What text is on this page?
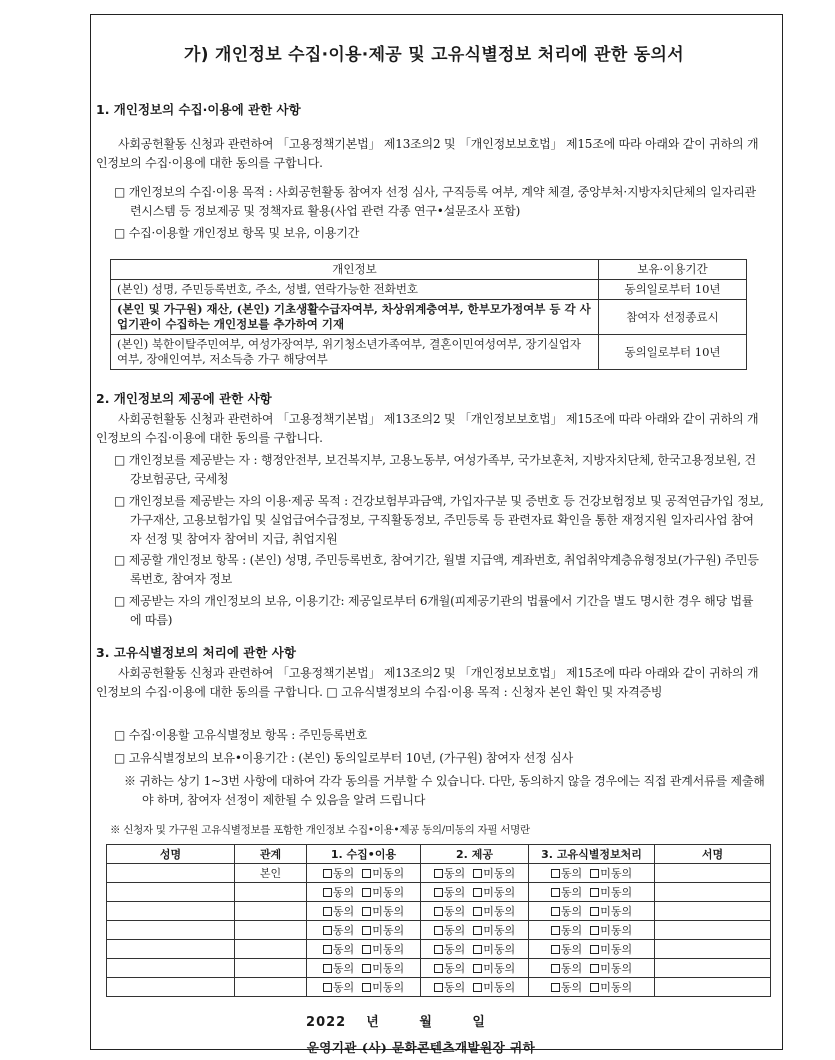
가) 개인정보 수집·이용·제공 및 고유식별정보 처리에 관한 동의서
1. 개인정보의 수집·이용에 관한 사항
사회공헌활동 신청과 관련하여 「고용정책기본법」 제13조의2 및 「개인정보보호법」 제15조에 따라 아래와 같이 귀하의 개인정보의 수집·이용에 대한 동의를 구합니다.
□ 개인정보의 수집·이용 목적 : 사회공헌활동 참여자 선정 심사, 구직등록 여부, 계약 체결, 중앙부처·지방자치단체의 일자리관련시스템 등 정보제공 및 정책자료 활용(사업 관련 각종 연구•설문조사 포함)
□ 수집·이용할 개인정보 항목 및 보유, 이용기간
개인정보	보유·이용기간
(본인) 성명, 주민등록번호, 주소, 성별, 연락가능한 전화번호	동의일로부터 10년
(본인 및 가구원) 재산, (본인) 기초생활수급자여부, 차상위계층여부, 한부모가정여부 등 각 사업기관이 수집하는 개인정보를 추가하여 기재	참여자 선정종료시
(본인) 북한이탈주민여부, 여성가장여부, 위기청소년가족여부, 결혼이민여성여부, 장기실업자여부, 장애인여부, 저소득층 가구 해당여부	동의일로부터 10년
2. 개인정보의 제공에 관한 사항
사회공헌활동 신청과 관련하여 「고용정책기본법」 제13조의2 및 「개인정보보호법」 제15조에 따라 아래와 같이 귀하의 개인정보의 수집·이용에 대한 동의를 구합니다.
□ 개인정보를 제공받는 자 : 행정안전부, 보건복지부, 고용노동부, 여성가족부, 국가보훈처, 지방자치단체, 한국고용정보원, 건강보험공단, 국세청
□ 개인정보를 제공받는 자의 이용·제공 목적 : 건강보험부과금액, 가입자구분 및 증번호 등 건강보험정보 및 공적연금가입 정보, 가구재산, 고용보험가입 및 실업급여수급정보, 구직활동정보, 주민등록 등 관련자료 확인을 통한 재정지원 일자리사업 참여자 선정 및 참여자 참여비 지급, 취업지원
□ 제공할 개인정보 항목 : (본인) 성명, 주민등록번호, 참여기간, 월별 지급액, 계좌번호, 취업취약계층유형정보(가구원) 주민등록번호, 참여자 정보
□ 제공받는 자의 개인정보의 보유, 이용기간: 제공일로부터 6개월(피제공기관의 법률에서 기간을 별도 명시한 경우 해당 법률에 따름)
3. 고유식별정보의 처리에 관한 사항
사회공헌활동 신청과 관련하여 「고용정책기본법」 제13조의2 및 「개인정보보호법」 제15조에 따라 아래와 같이 귀하의 개인정보의 수집·이용에 대한 동의를 구합니다. □ 고유식별정보의 수집·이용 목적 : 신청자 본인 확인 및 자격증빙
□ 수집·이용할 고유식별정보 항목 : 주민등록번호
□ 고유식별정보의 보유•이용기간 : (본인) 동의일로부터 10년, (가구원) 참여자 선정 심사
※ 귀하는 상기 1~3번 사항에 대하여 각각 동의를 거부할 수 있습니다. 다만, 동의하지 않을 경우에는 직접 관계서류를 제출해야 하며, 참여자 선정이 제한될 수 있음을 알려 드립니다
※ 신청자 및 가구원 고유식별정보를 포함한 개인정보 수집•이용•제공 동의/미동의 자필 서명란
성명	관계	1. 수집•이용	2. 제공	3. 고유식별정보처리	서명
	본인	동의 미동의	동의 미동의	동의 미동의	
		동의 미동의	동의 미동의	동의 미동의	
		동의 미동의	동의 미동의	동의 미동의	
		동의 미동의	동의 미동의	동의 미동의	
		동의 미동의	동의 미동의	동의 미동의	
		동의 미동의	동의 미동의	동의 미동의	
		동의 미동의	동의 미동의	동의 미동의	
2022 년	월	일
운영기관 (사) 문화콘텐츠개발원장 귀하
